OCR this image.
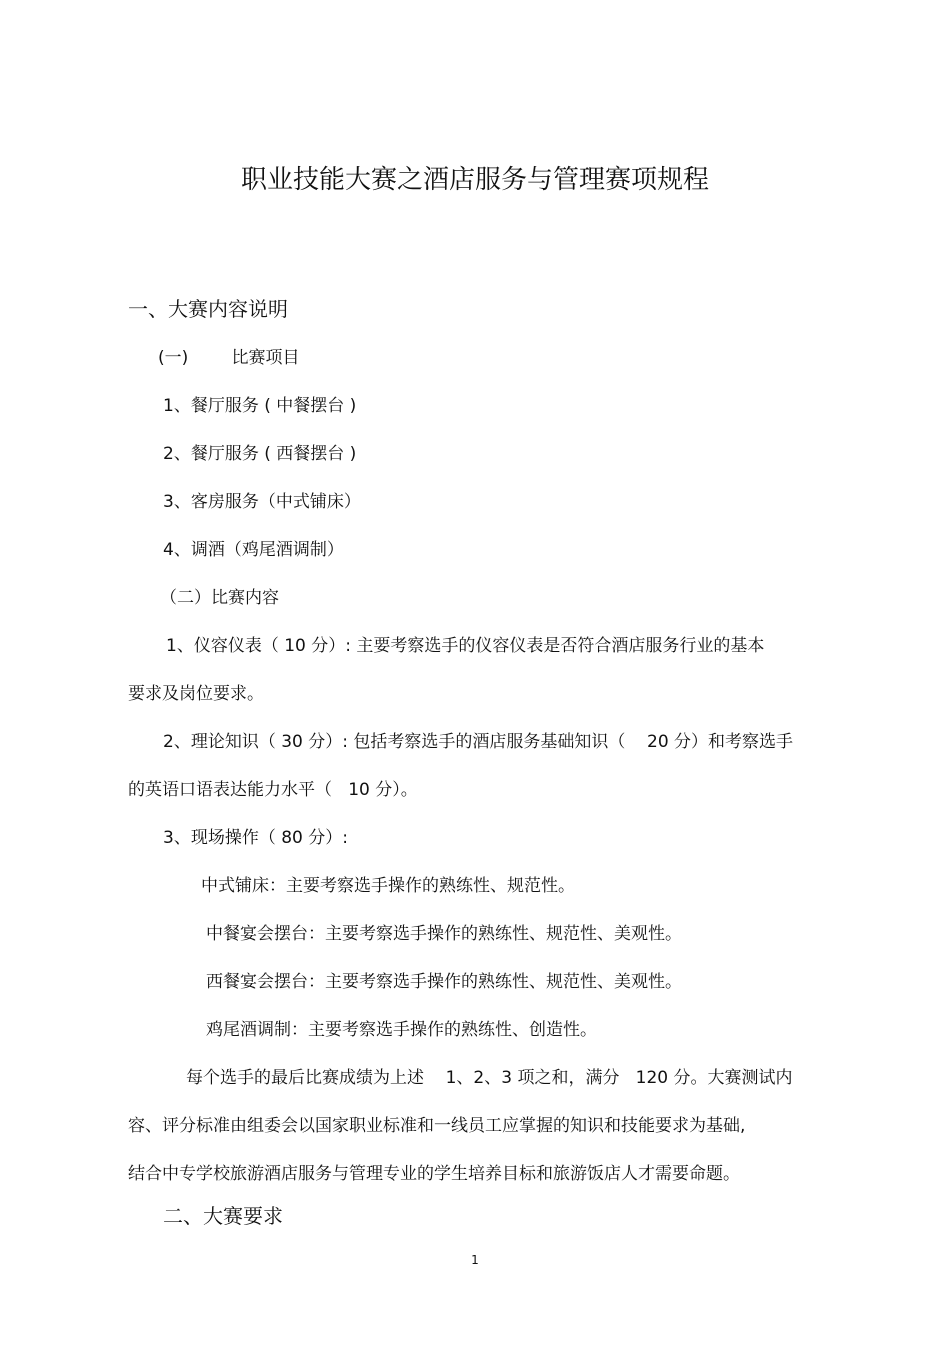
职业技能大赛之酒店服务与管理赛项规程
一、大赛内容说明
(一)        比赛项目
1、餐厅服务 ( 中餐摆台 )
2、餐厅服务 ( 西餐摆台 )
3、客房服务（中式铺床）
4、调酒（鸡尾酒调制）
（二）比赛内容
1、仪容仪表（ 10 分）: 主要考察选手的仪容仪表是否符合酒店服务行业的基本
要求及岗位要求。
2、理论知识（ 30 分）: 包括考察选手的酒店服务基础知识（    20 分）和考察选手
的英语口语表达能力水平（   10 分）。
3、现场操作（ 80 分）:
中式铺床：主要考察选手操作的熟练性、规范性。
中餐宴会摆台：主要考察选手操作的熟练性、规范性、美观性。
西餐宴会摆台：主要考察选手操作的熟练性、规范性、美观性。
鸡尾酒调制：主要考察选手操作的熟练性、创造性。
每个选手的最后比赛成绩为上述    1、2、3 项之和，满分   120 分。大赛测试内
容、评分标准由组委会以国家职业标准和一线员工应掌握的知识和技能要求为基础,
结合中专学校旅游酒店服务与管理专业的学生培养目标和旅游饭店人才需要命题。
二、大赛要求
1
